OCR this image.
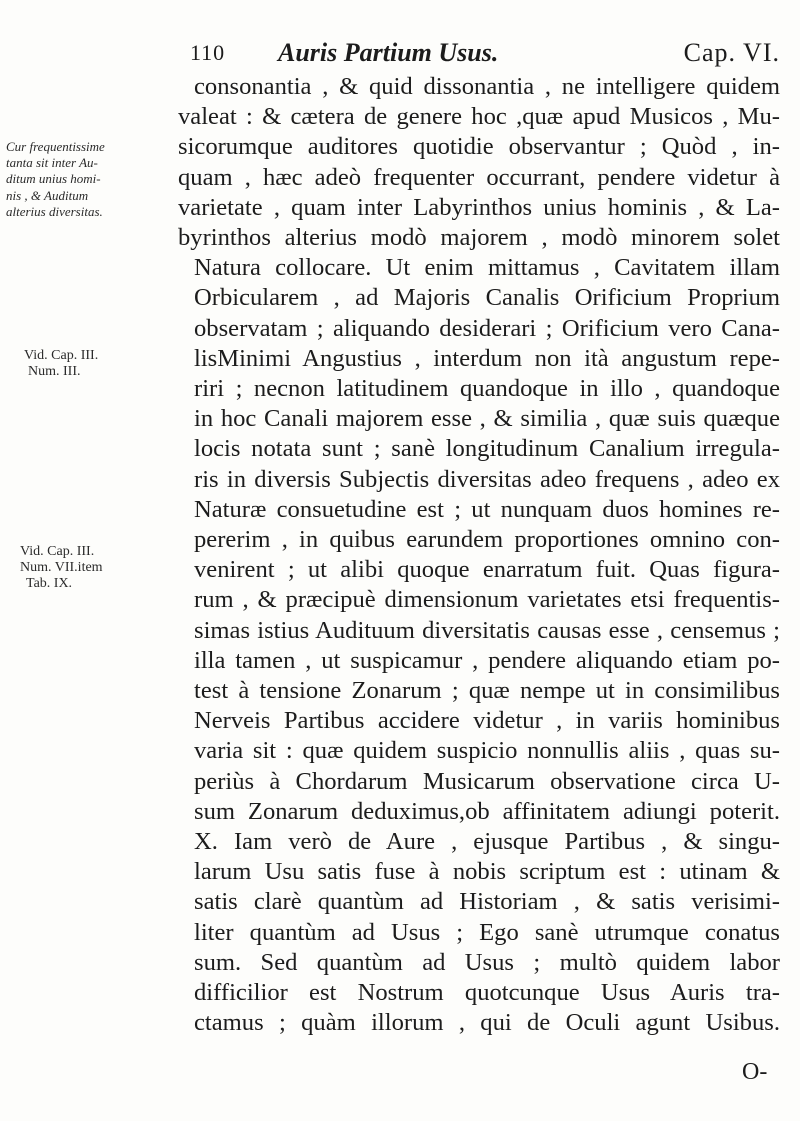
110 Auris Partium Usus.	Cap. VI.
Cur frequentissime
tanta sit inter Au-
ditum unius homi-
nis , & Auditum
alterius diversitas.
Vid. Cap. III.
Num. III.
Vid. Cap. III.
Num. VII.item
Tab. IX.
consonantia , & quid dissonantia , ne intelligere quidem
valeat : & cætera de genere hoc ,quæ apud Musicos , Mu-
sicorumque auditores quotidie observantur ; Quòd , in-
quam , hæc adeò frequenter occurrant, pendere videtur à
varietate , quam inter Labyrinthos unius hominis , & La-
byrinthos alterius modò majorem , modò minorem solet
Natura collocare. Ut enim mittamus , Cavitatem illam
Orbicularem , ad Majoris Canalis Orificium Proprium
observatam ; aliquando desiderari ; Orificium vero Cana-
lisMinimi Angustius , interdum non ità angustum repe-
riri ; necnon latitudinem quandoque in illo , quandoque
in hoc Canali majorem esse , & similia , quæ suis quæque
locis notata sunt ; sanè longitudinum Canalium irregula-
ris in diversis Subjectis diversitas adeo frequens , adeo ex
Naturæ consuetudine est ; ut nunquam duos homines re-
pererim , in quibus earundem proportiones omnino con-
venirent ; ut alibi quoque enarratum fuit. Quas figura-
rum , & præcipuè dimensionum varietates etsi frequentis-
simas istius Audituum diversitatis causas esse , censemus ;
illa tamen , ut suspicamur , pendere aliquando etiam po-
test à tensione Zonarum ; quæ nempe ut in consimilibus
Nerveis Partibus accidere videtur , in variis hominibus
varia sit : quæ quidem suspicio nonnullis aliis , quas su-
periùs à Chordarum Musicarum observatione circa U-
sum Zonarum deduximus,ob affinitatem adiungi poterit.
X. Iam verò de Aure , ejusque Partibus , & singu-
larum Usu satis fuse à nobis scriptum est : utinam &
satis clarè quantùm ad Historiam , & satis verisimi-
liter quantùm ad Usus ; Ego sanè utrumque conatus
sum. Sed quantùm ad Usus ; multò quidem labor
difficilior est Nostrum quotcunque Usus Auris tra-
ctamus ; quàm illorum , qui de Oculi agunt Usibus.
O-
